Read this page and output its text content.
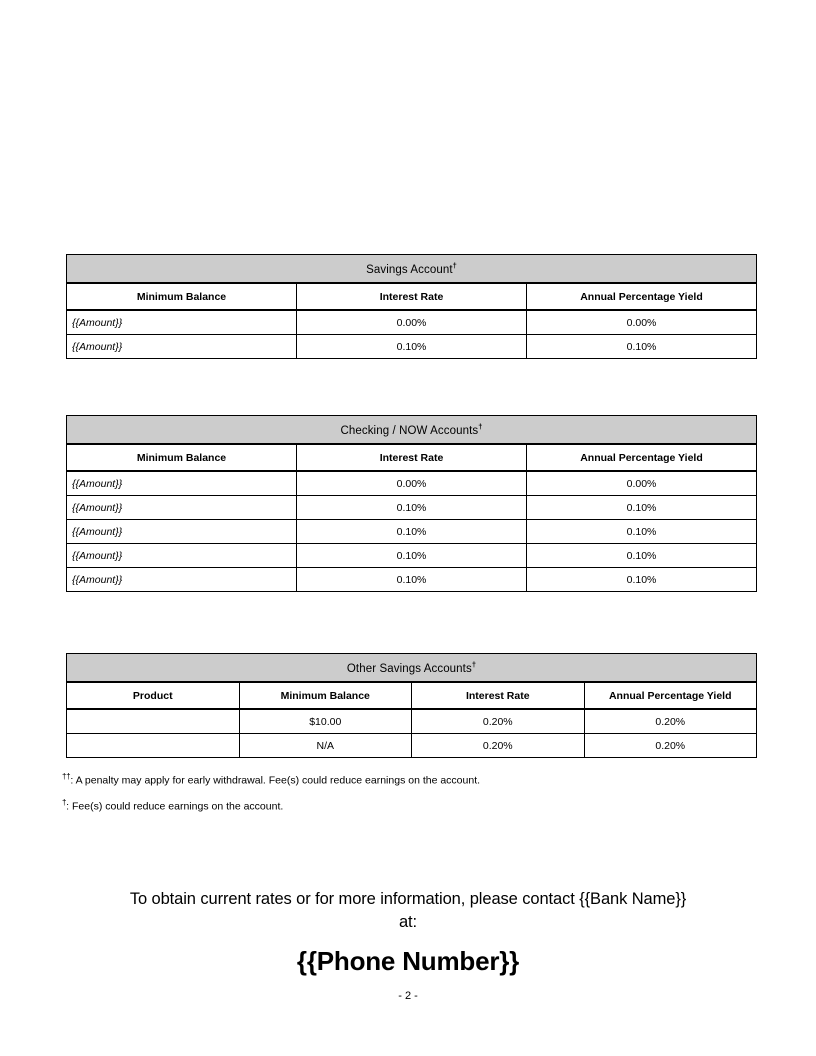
Savings Account†
Minimum Balance	Interest Rate	Annual Percentage Yield
{{Amount}}	0.00%	0.00%
{{Amount}}	0.10%	0.10%
Checking / NOW Accounts†
Minimum Balance	Interest Rate	Annual Percentage Yield
{{Amount}}	0.00%	0.00%
{{Amount}}	0.10%	0.10%
{{Amount}}	0.10%	0.10%
{{Amount}}	0.10%	0.10%
{{Amount}}	0.10%	0.10%
Other Savings Accounts†
Product	Minimum Balance	Interest Rate	Annual Percentage Yield
	$10.00	0.20%	0.20%
	N/A	0.20%	0.20%
††: A penalty may apply for early withdrawal. Fee(s) could reduce earnings on the account.
†: Fee(s) could reduce earnings on the account.
To obtain current rates or for more information, please contact {{Bank Name}}
at:
{{Phone Number}}
- 2 -
